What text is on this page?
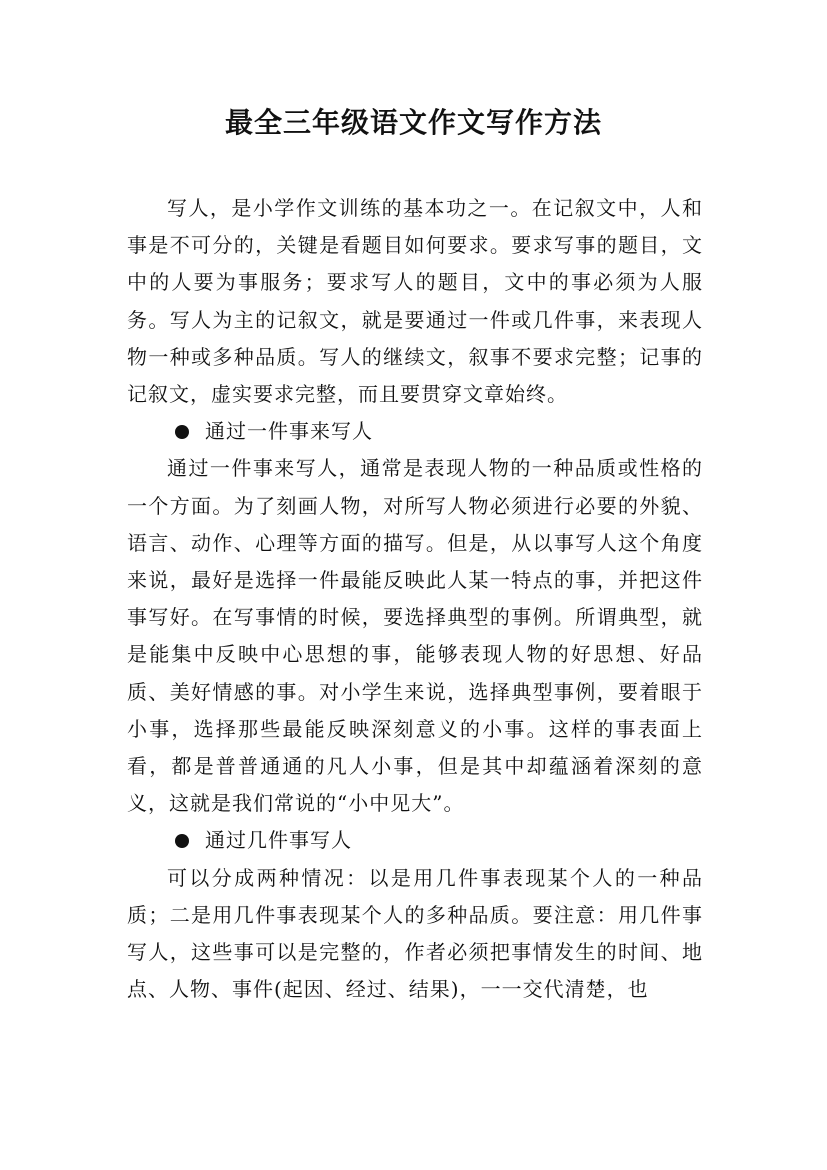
最全三年级语文作文写作方法

写人，是小学作文训练的基本功之一。在记叙文中，人和事是不可分的，关键是看题目如何要求。要求写事的题目，文中的人要为事服务；要求写人的题目，文中的事必须为人服务。写人为主的记叙文，就是要通过一件或几件事，来表现人物一种或多种品质。写人的继续文，叙事不要求完整；记事的记叙文，虚实要求完整，而且要贯穿文章始终。

通过一件事来写人

通过一件事来写人，通常是表现人物的一种品质或性格的一个方面。为了刻画人物，对所写人物必须进行必要的外貌、语言、动作、心理等方面的描写。但是，从以事写人这个角度来说，最好是选择一件最能反映此人某一特点的事，并把这件事写好。在写事情的时候，要选择典型的事例。所谓典型，就是能集中反映中心思想的事，能够表现人物的好思想、好品质、美好情感的事。对小学生来说，选择典型事例，要着眼于小事，选择那些最能反映深刻意义的小事。这样的事表面上看，都是普普通通的凡人小事，但是其中却蕴涵着深刻的意义，这就是我们常说的“小中见大”。

通过几件事写人

可以分成两种情况：以是用几件事表现某个人的一种品质；二是用几件事表现某个人的多种品质。要注意：用几件事写人，这些事可以是完整的，作者必须把事情发生的时间、地点、人物、事件(起因、经过、结果)，一一交代清楚，也
